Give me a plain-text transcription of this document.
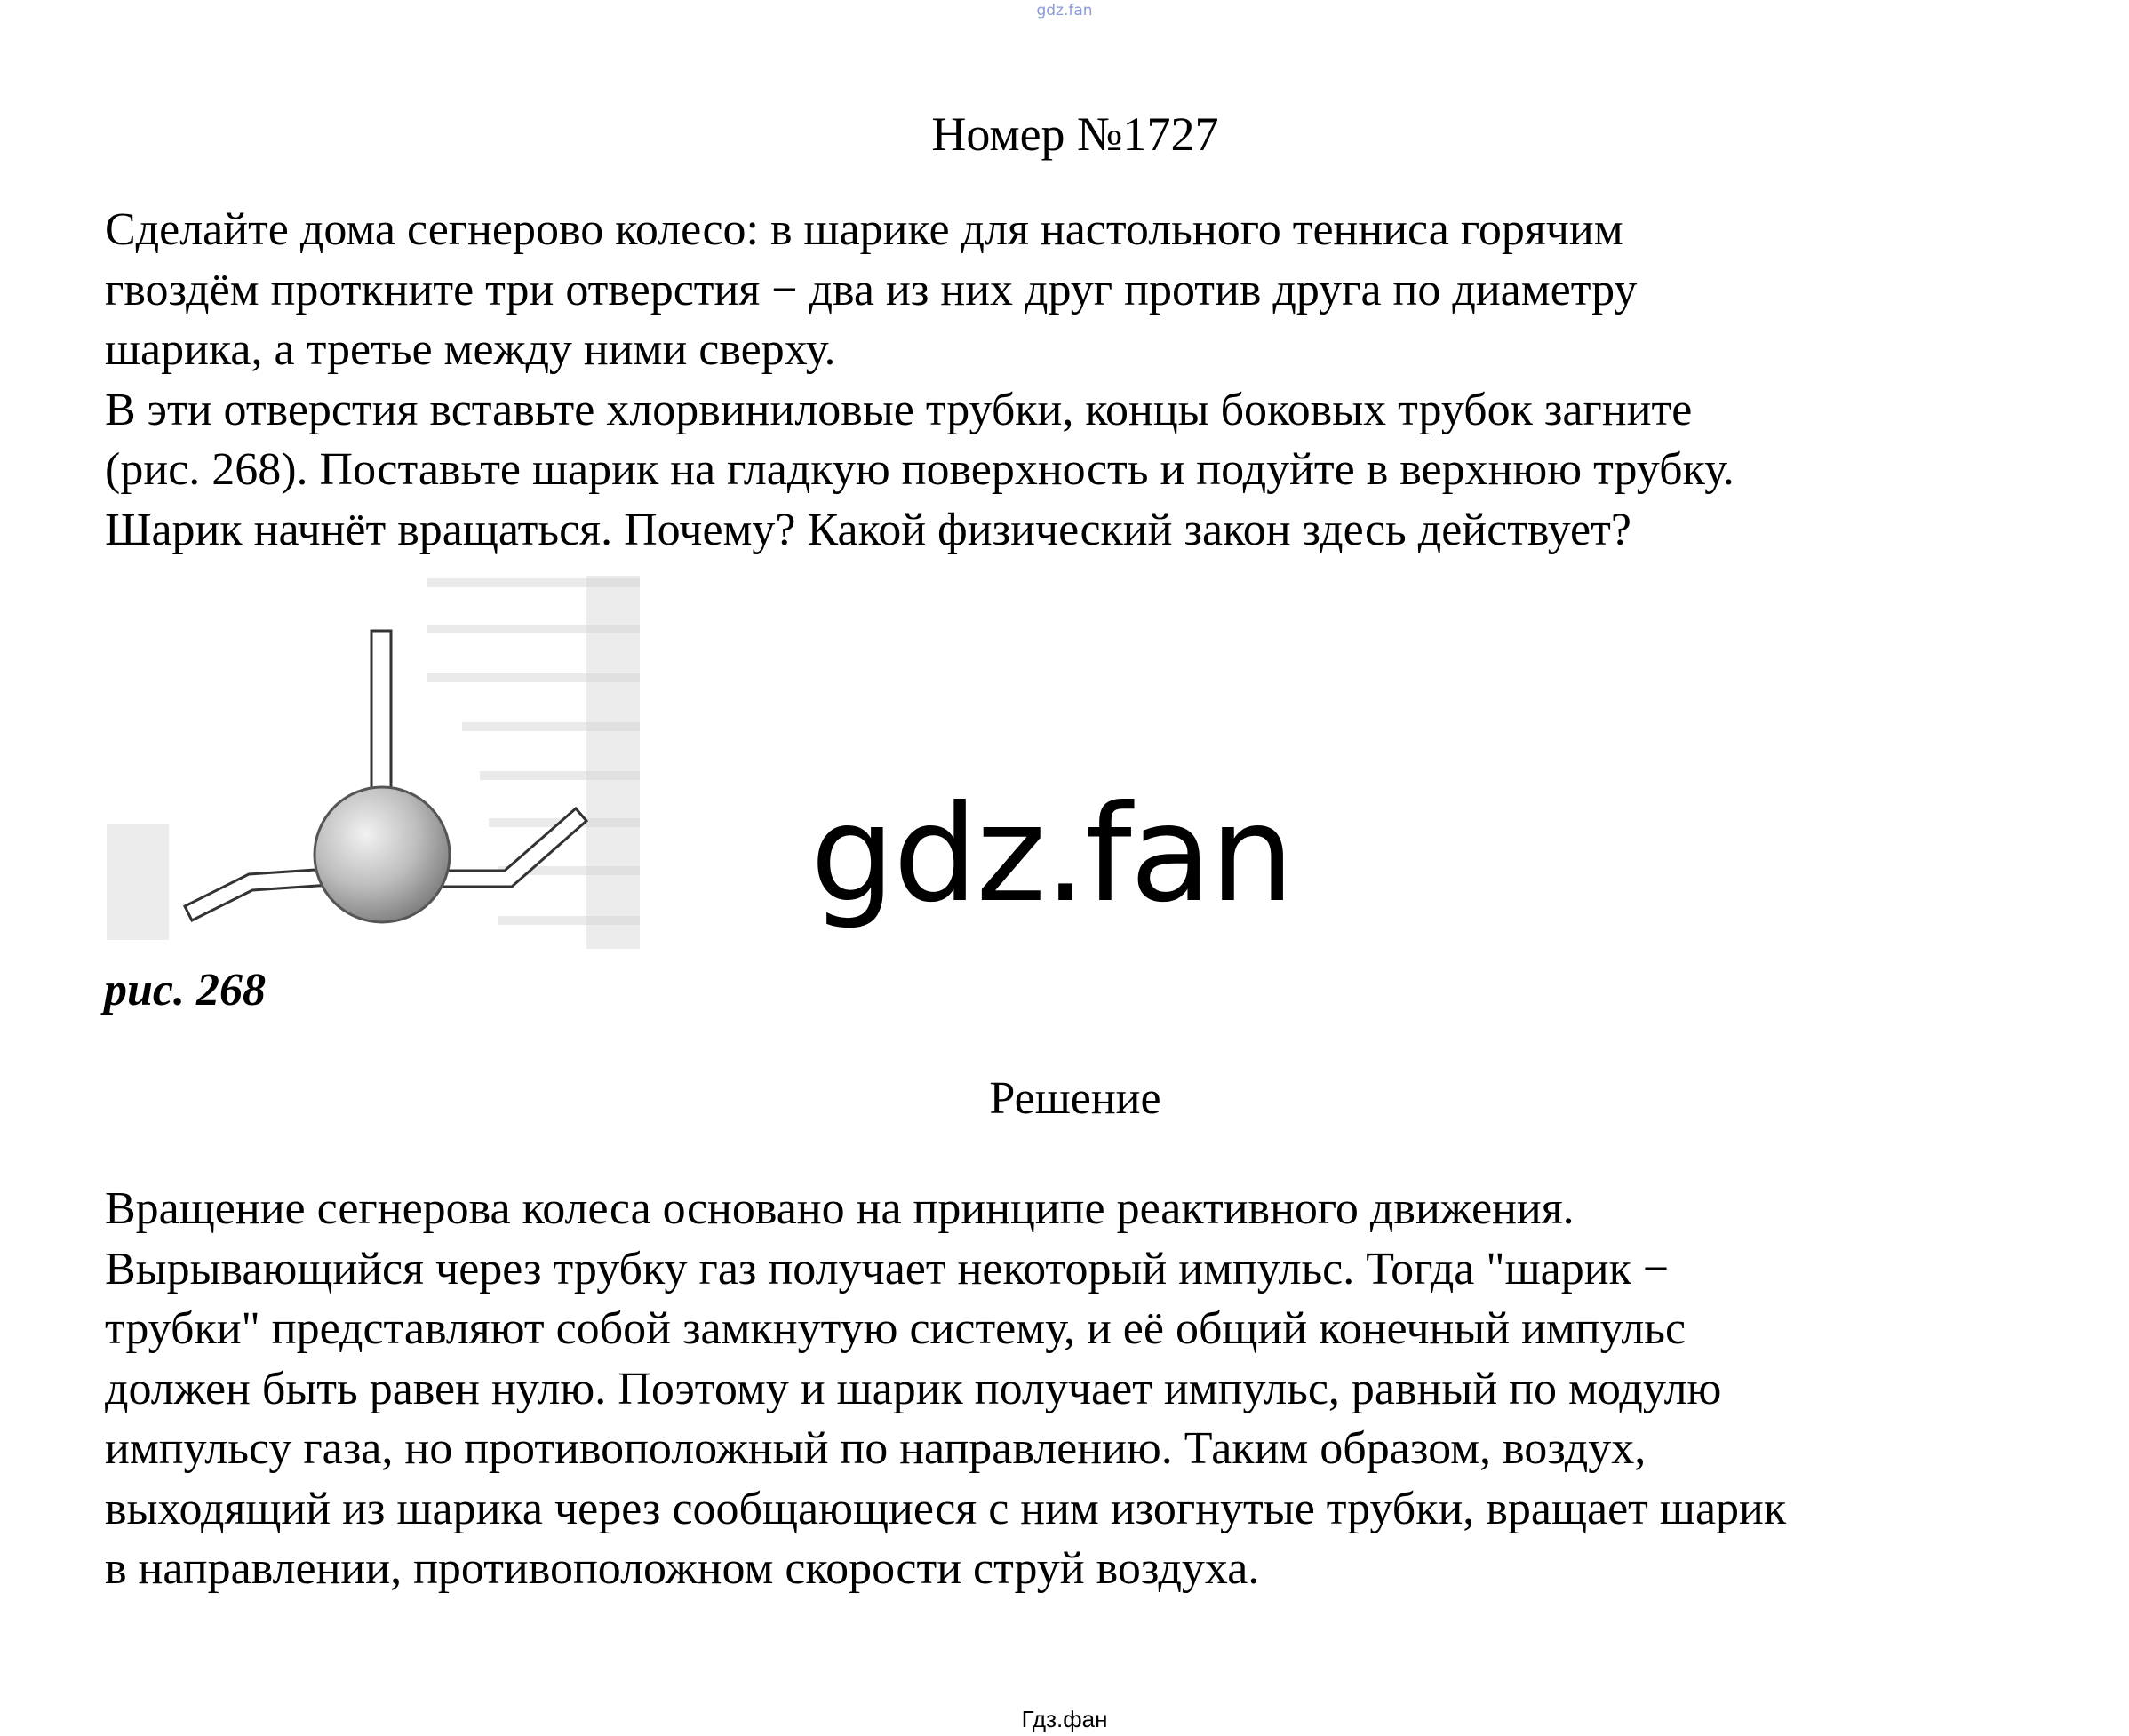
gdz.fan
Номер №1727

Сделайте дома сегнерово колесо: в шарике для настольного тенниса горячим

гвоздём проткните три отверстия − два из них друг против друга по диаметру

шарика, а третье между ними сверху.

В эти отверстия вставьте хлорвиниловые трубки, концы боковых трубок загните

(рис. 268). Поставьте шарик на гладкую поверхность и подуйте в верхнюю трубку.

Шарик начнёт вращаться. Почему? Какой физический закон здесь действует?

рис. 268
gdz.fan
Решение

Вращение сегнерова колеса основано на принципе реактивного движения.

Вырывающийся через трубку газ получает некоторый импульс. Тогда "шарик −

трубки" представляют собой замкнутую систему, и её общий конечный импульс

должен быть равен нулю. Поэтому и шарик получает импульс, равный по модулю

импульсу газа, но противоположный по направлению. Таким образом, воздух,

выходящий из шарика через сообщающиеся с ним изогнутые трубки, вращает шарик

в направлении, противоположном скорости струй воздуха.

Гдз.фан
